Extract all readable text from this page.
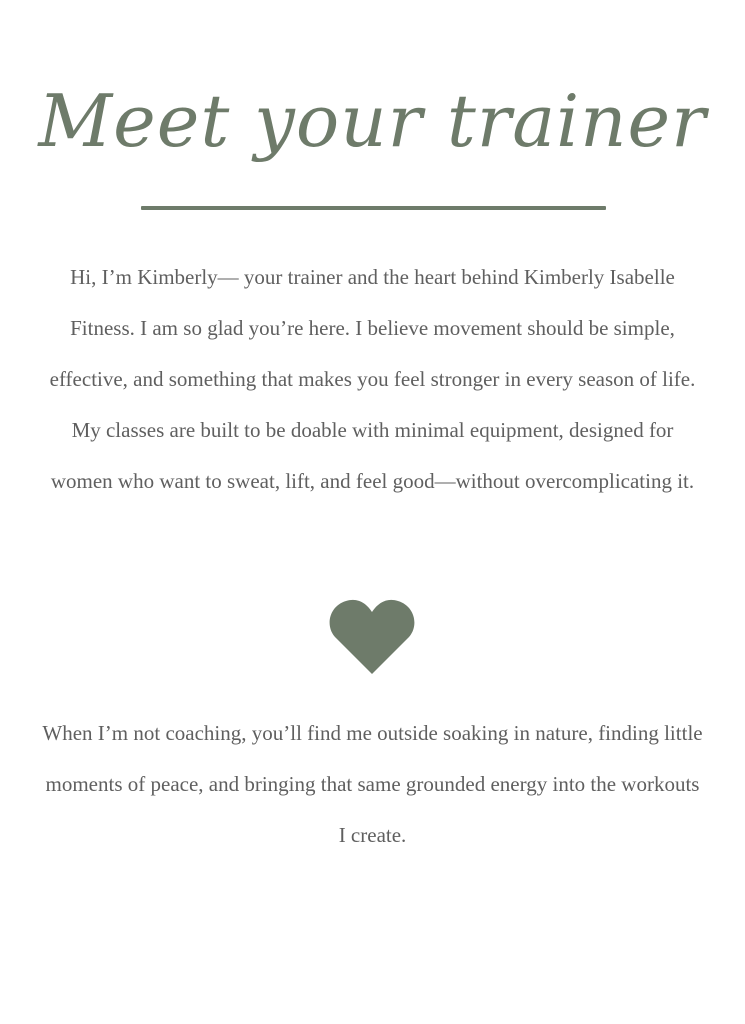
Meet your trainer

Hi, I’m Kimberly— your trainer and the heart behind Kimberly Isabelle Fitness. I am so glad you’re here. I believe movement should be simple, effective, and something that makes you feel stronger in every season of life. My classes are built to be doable with minimal equipment, designed for women who want to sweat, lift, and feel good—without overcomplicating it.

When I’m not coaching, you’ll find me outside soaking in nature, finding little moments of peace, and bringing that same grounded energy into the workouts I create.
